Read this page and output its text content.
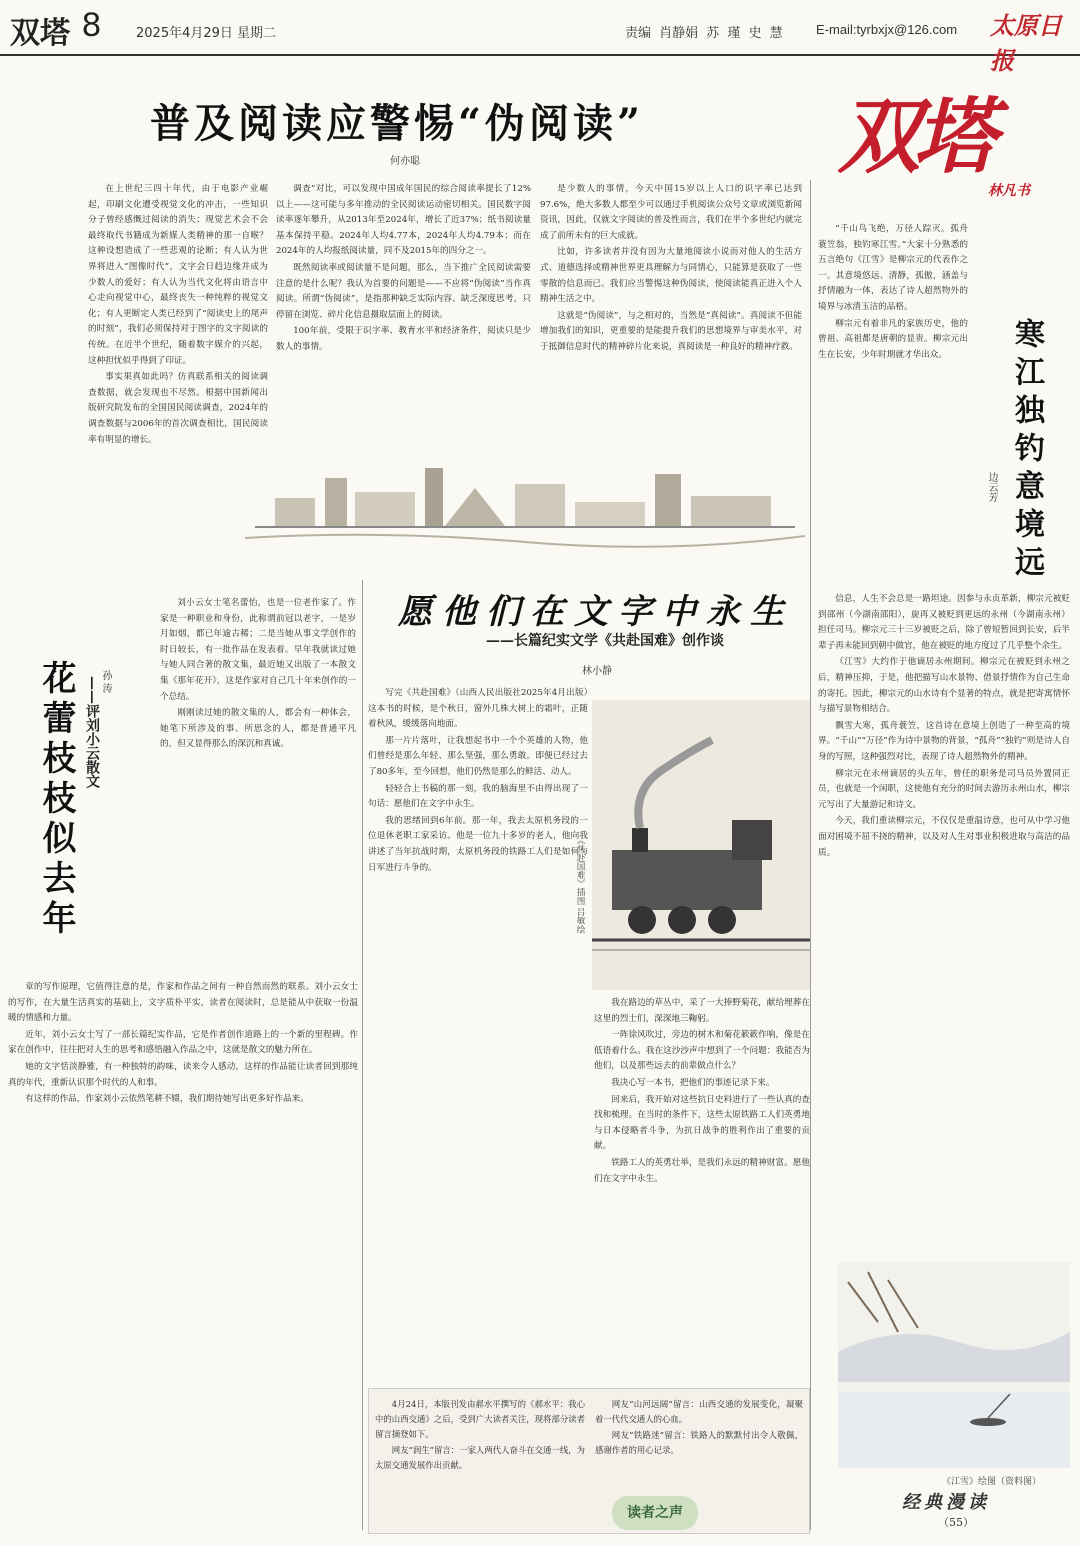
双塔 8	2025年4月29日 星期二	责编 肖静娟 苏 瑾 史 慧	E-mail:tyrbxjx@126.com 太原日报
双塔
林凡书
普及阅读应警惕“伪阅读”
何亦聪

在上世纪三四十年代，由于电影产业崛起，印刷文化遭受视觉文化的冲击，一些知识分子曾经感慨过阅读的消失；现觉艺术会不会最终取代书籍成为新媒人类精神的那一自喉？这种设想造成了一些悲观的论断；有人认为世界将进入“图像时代”，文字会日趋边缘并成为少数人的爱好；有人认为当代文化将由语言中心走向视觉中心，最终丧失一种纯粹的视觉文化；有人更断定人类已经到了“阅读史上的尾声的时刻”，我们必须保持对于图字的文字阅读的传统。在近半个世纪，随着数字媒介的兴起，这种担忧似乎得到了印证。

事实果真如此吗？仿真联系相关的阅读调查数据，就会发现也不尽然。根据中国新闻出版研究院发布的全国国民阅读调查，2024年的调查数据与2006年的首次调查相比，国民阅读率有明显的增长。

调查”对比，可以发现中国成年国民的综合阅读率提长了12%以上——这可能与多年推动的全民阅读运动密切相关。国民数字阅读率逐年攀升，从2013年至2024年，增长了近37%；纸书阅读量基本保持平稳。2024年人均4.77本，2024年人均4.79本；而在2024年的人均报纸阅读量，同不及2015年的四分之一。

既然阅读率或阅读量不是问题，那么，当下推广全民阅读需要注意的是什么呢？我认为首要的问题是——不应将“伪阅读”当作真阅读。所谓“伪阅读”，是指那种缺乏实际内容、缺乏深度思考，只停留在浏览、碎片化信息摄取层面上的阅读。

100年前，受限于识字率、教育水平和经济条件，阅读只是少数人的事情。

是少数人的事情，今天中国15岁以上人口的识字率已达到97.6%，绝大多数人都至少可以通过手机阅读公众号文章或浏览新闻资讯，因此，仅就文字阅读的普及性而言，我们在半个多世纪内就完成了前所未有的巨大成就。

比如，许多读者并没有因为大量地阅读小说而对他人的生活方式、道德选择或精神世界更具理解力与同情心，只能算是获取了一些零散的信息而已。我们应当警惕这种伪阅读，使阅读能真正进入个人精神生活之中。

这就是“伪阅读”，与之相对的，当然是“真阅读”。真阅读不但能增加我们的知识，更重要的是能提升我们的思想境界与审美水平，对于抵御信息时代的精神碎片化来说，真阅读是一种良好的精神疗救。	寒江独钓意境远
边云芳

“千山鸟飞绝，万径人踪灭。孤舟蓑笠翁，独钓寒江雪。”大家十分熟悉的五言绝句《江雪》是柳宗元的代表作之一。其意境悠远、清静，孤傲，涵盖与抒情融为一体，表达了诗人超然物外的境界与冰清玉洁的品格。

柳宗元有着非凡的家族历史，他的曾祖、高祖都是唐朝的显贵。柳宗元出生在长安，少年时期就才华出众。

信息，人生不会总是一路坦途。因参与永贞革新，柳宗元被贬到邵州（今湖南邵阳），旋再又被贬到更远的永州（今湖南永州）担任司马。柳宗元三十三岁被贬之后，除了曾短暂回到长安，后半辈子再未能回到朝中做官，他在被贬的地方度过了几乎整个余生。

《江雪》大约作于他谪居永州期间。柳宗元在被贬到永州之后，精神压抑，于是，他把描写山水景物、借景抒情作为自己生命的寄托。因此，柳宗元的山水诗有个显著的特点，就是把寄寓情怀与描写景物相结合。

飘雪大寒，孤舟蓑笠，这首诗在意境上创造了一种至高的境界。“千山”“万径”作为诗中景物的背景，“孤舟”“独钓”则是诗人自身的写照，这种强烈对比，表现了诗人超然物外的精神。

柳宗元在永州谪居的头五年，曾任的职务是司马员外置同正员，也就是一个闲职，这使他有充分的时间去游历永州山水，柳宗元写出了大量游记和诗文。

今天，我们重读柳宗元，不仅仅是重温诗意，也可从中学习他面对困境不屈不挠的精神，以及对人生对事业积极进取与高洁的品质。

《江雪》绘图（资料图）
花蕾枝枝似去年 ——评刘小云散文 孙 涛

刘小云女士笔名蕾怡，也是一位老作家了。作家是一种职业和身份，此称谓前冠以老字，一是岁月如烟，都已年逾古稀；二是当她从事文学创作的时日较长，有一批作品在发表着。早年我就读过她与她人同合著的散文集，最近她又出版了一本散文集《那年花开》，这是作家对自己几十年来创作的一个总结。

刚刚读过她的散文集的人，都会有一种体会，她笔下所涉及的事、所思念的人，都是普通平凡的，但又显得那么的深沉和真诚。

章的写作原理，它值得注意的是，作家和作品之间有一种自然而然的联系。刘小云女士的写作，在大量生活真实的基础上，文字质朴平实，读者在阅读时，总是能从中获取一份温暖的情感和力量。

近年，刘小云女士写了一部长篇纪实作品，它是作者创作道路上的一个新的里程碑。作家在创作中，往往把对人生的思考和感悟融入作品之中，这就是散文的魅力所在。

她的文字恬淡静雅，有一种独特的韵味，读来令人感动，这样的作品能让读者回到那纯真的年代，重新认识那个时代的人和事。

有这样的作品，作家刘小云依然笔耕不辍，我们期待她写出更多好作品来。

愿他们在文字中永生
——长篇纪实文学《共赴国难》创作谈
林小静

写完《共赴国难》（山西人民出版社2025年4月出版）这本书的时候，是个秋日，窗外几株大树上的霜叶，正随着秋风，缓缓落向地面。

那一片片落叶，让我想起书中一个个英雄的人物，他们曾经是那么年轻、那么坚强，那么勇敢。即便已经过去了80多年，至今回想，他们仍然是那么的鲜活、动人。

轻轻合上书稿的那一刻，我的脑海里不由得出现了一句话：愿他们在文字中永生。

我的思绪回到6年前。那一年，我去太原机务段的一位退休老职工家采访。他是一位九十多岁的老人，他向我讲述了当年抗战时期，太原机务段的铁路工人们是如何与日军进行斗争的。	《共赴国难》插图 吕敏绘

我在路边的草丛中，采了一大捧野菊花，献给埋葬在这里的烈士们，深深地三鞠躬。

一阵徐风吹过，旁边的树木和菊花簌簌作响，像是在低语着什么。我在这沙沙声中想到了一个问题：我能否为他们，以及那些远去的前辈做点什么？

我决心写一本书，把他们的事迹记录下来。

回来后，我开始对这些抗日史料进行了一些认真的查找和梳理。在当时的条件下，这些太原铁路工人们英勇地与日本侵略者斗争，为抗日战争的胜利作出了重要的贡献。

铁路工人的英勇壮举，是我们永远的精神财富。愿他们在文字中永生。

4月24日，本版刊发由郝水平撰写的《郝水平：我心中的山西交通》之后，受到广大读者关注，现将部分读者留言摘登如下。

网友“润生”留言：一家人两代人奋斗在交通一线，为太原交通发展作出贡献。

网友“山河远阔”留言：山西交通的发展变化，凝聚着一代代交通人的心血。

网友“铁路迷”留言：铁路人的默默付出令人敬佩，感谢作者的用心记录。

读者之声	经典漫读
（55）
